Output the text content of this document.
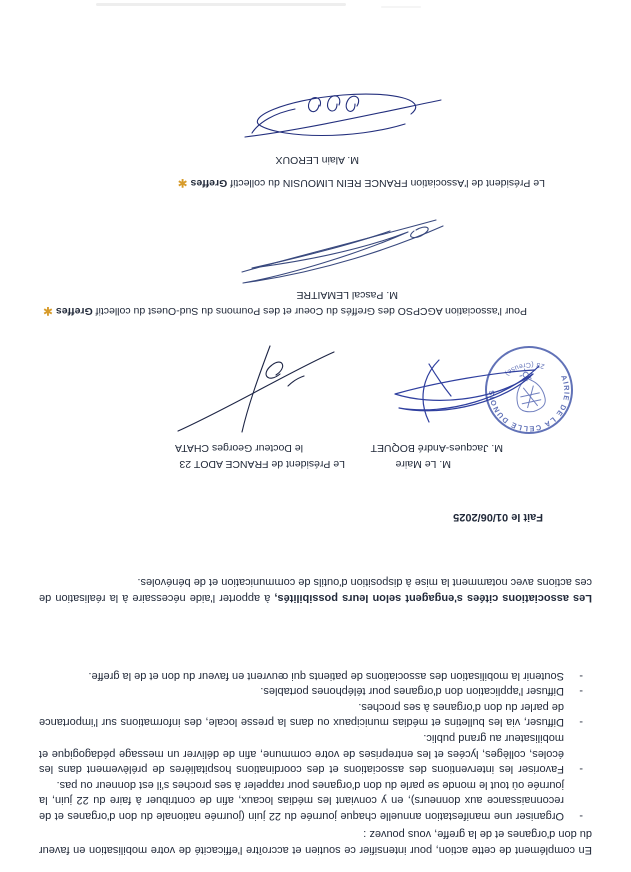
En complément de cette action, pour intensifier ce soutien et accroître l'efficacité de votre mobilisation en faveur du don d'organes et de la greffe, vous pouvez :
-
Organiser une manifestation annuelle chaque journée du 22 juin (journée nationale du don d'organes et de reconnaissance aux donneurs), en y conviant les médias locaux, afin de contribuer à faire du 22 juin, la journée où tout le monde se parle du don d'organes pour rappeler à ses proches s'il est donneur ou pas.
-
Favoriser les interventions des associations et des coordinations hospitalières de prélèvement dans les écoles, collèges, lycées et les entreprises de votre commune, afin de délivrer un message pédagogique et mobilisateur au grand public.
-
Diffuser, via les bulletins et médias municipaux ou dans la presse locale, des informations sur l'importance de parler du don d'organes à ses proches.
-
Diffuser l'application don d'organes pour téléphones portables.
-
Soutenir la mobilisation des associations de patients qui œuvrent en faveur du don et de la greffe.
Les associations citées s'engagent selon leurs possibilités, à apporter l'aide nécessaire à la réalisation de ces actions avec notamment la mise à disposition d'outils de communication et de bénévoles.
Fait le 01/06/2025
M. Le Maire
M. Jacques-André BOQUET
MAIRIE DE LA CELLE DUNOISE
23 (Creuse)
Le Président de FRANCE ADOT 23
le Docteur Georges CHATA
Pour l'association AGCPSO des Greffés du Coeur et des Poumons du Sud-Ouest du collectif Greffes ✱
M. Pascal LEMAITRE
Le Président de l'Association FRANCE REIN LIMOUSIN du collectif Greffes ✱
M. Alain LEROUX
